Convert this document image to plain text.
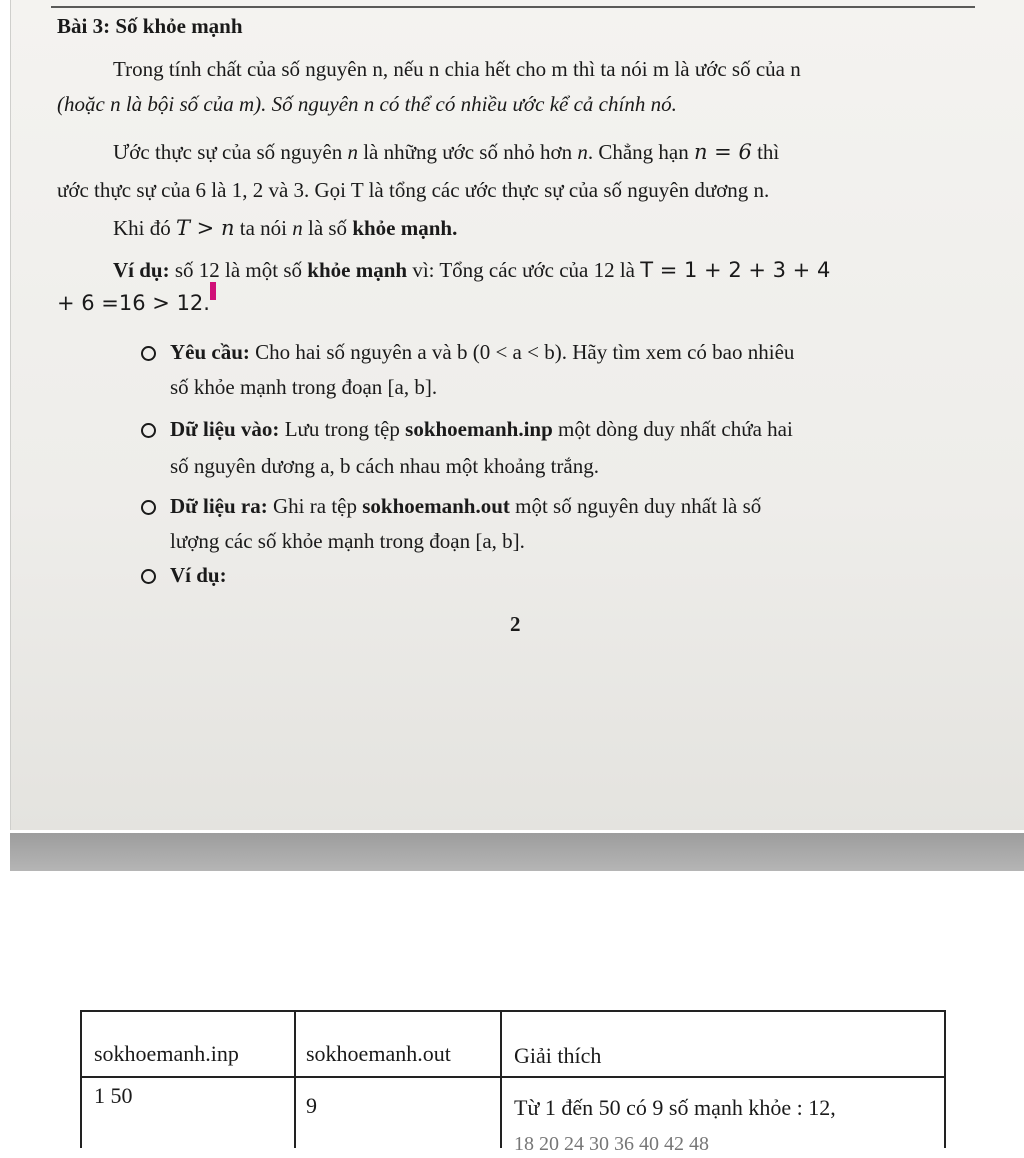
Bài 3: Số khỏe mạnh
Trong tính chất của số nguyên n, nếu n chia hết cho m thì ta nói m là ước số của n
(hoặc n là bội số của m). Số nguyên n có thể có nhiều ước kể cả chính nó.
Ước thực sự của số nguyên n là những ước số nhỏ hơn n. Chẳng hạn n = 6 thì
ước thực sự của 6 là 1, 2 và 3. Gọi T là tổng các ước thực sự của số nguyên dương n.
Khi đó T > n ta nói n là số khỏe mạnh.
Ví dụ: số 12 là một số khỏe mạnh vì: Tổng các ước của 12 là T = 1 + 2 + 3 + 4
+ 6 =16 > 12.
Yêu cầu: Cho hai số nguyên a và b (0 < a < b). Hãy tìm xem có bao nhiêu
số khỏe mạnh trong đoạn [a, b].
Dữ liệu vào: Lưu trong tệp sokhoemanh.inp một dòng duy nhất chứa hai
số nguyên dương a, b cách nhau một khoảng trắng.
Dữ liệu ra: Ghi ra tệp sokhoemanh.out một số nguyên duy nhất là số
lượng các số khỏe mạnh trong đoạn [a, b].
Ví dụ:
2
sokhoemanh.inp	sokhoemanh.out	Giải thích
1 50	9	Từ 1 đến 50 có 9 số mạnh khỏe : 12,
18 20 24 30 36 40 42 48
